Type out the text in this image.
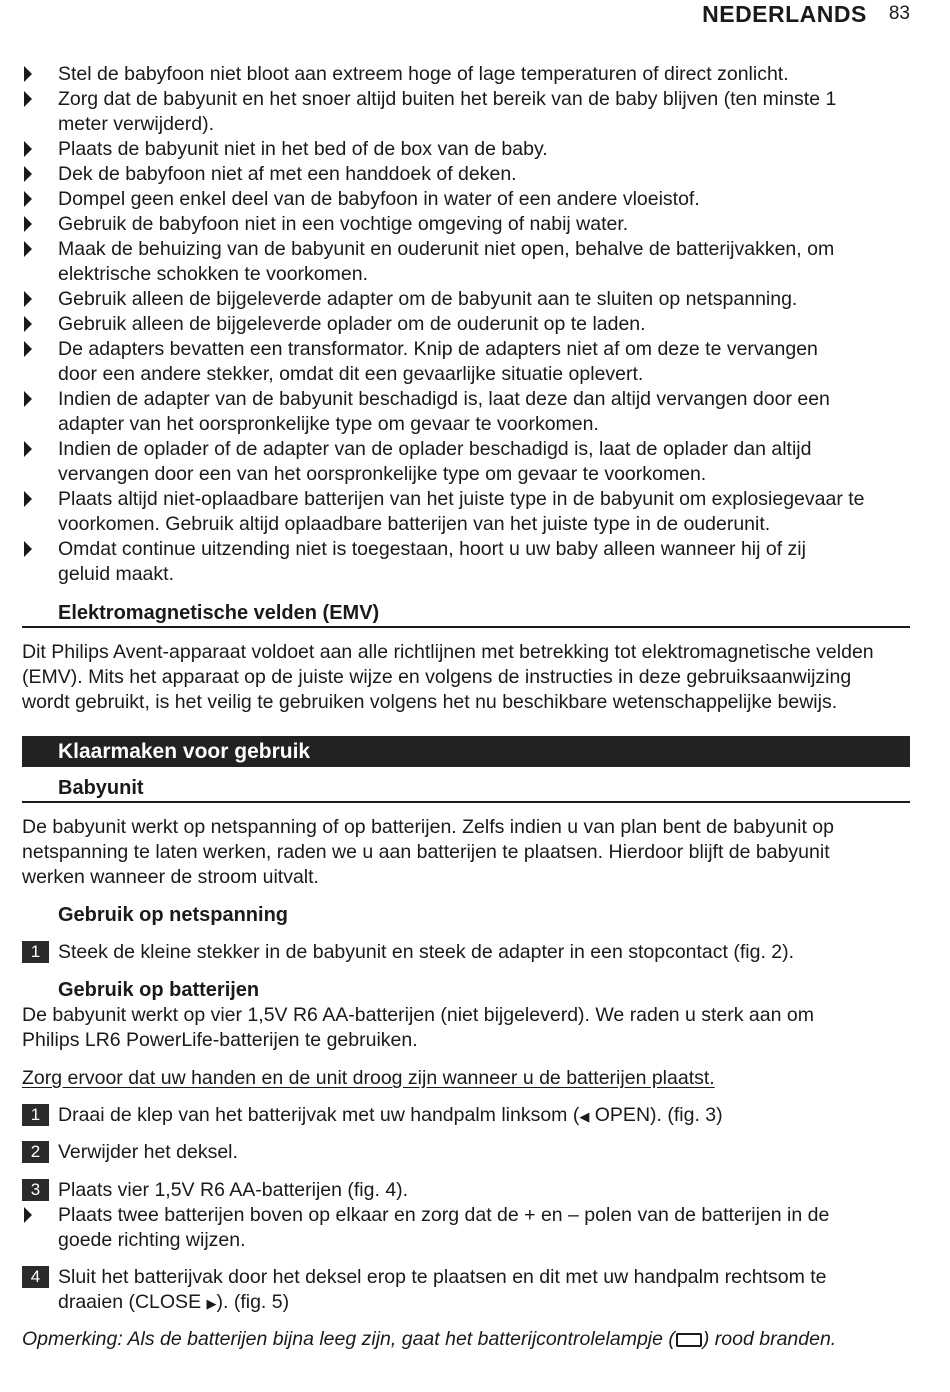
NEDERLANDS 83
Stel de babyfoon niet bloot aan extreem hoge of lage temperaturen of direct zonlicht.
Zorg dat de babyunit en het snoer altijd buiten het bereik van de baby blijven (ten minste 1
meter verwijderd).
Plaats de babyunit niet in het bed of de box van de baby.
Dek de babyfoon niet af met een handdoek of deken.
Dompel geen enkel deel van de babyfoon in water of een andere vloeistof.
Gebruik de babyfoon niet in een vochtige omgeving of nabij water.
Maak de behuizing van de babyunit en ouderunit niet open, behalve de batterijvakken, om
elektrische schokken te voorkomen.
Gebruik alleen de bijgeleverde adapter om de babyunit aan te sluiten op netspanning.
Gebruik alleen de bijgeleverde oplader om de ouderunit op te laden.
De adapters bevatten een transformator. Knip de adapters niet af om deze te vervangen
door een andere stekker, omdat dit een gevaarlijke situatie oplevert.
Indien de adapter van de babyunit beschadigd is, laat deze dan altijd vervangen door een
adapter van het oorspronkelijke type om gevaar te voorkomen.
Indien de oplader of de adapter van de oplader beschadigd is, laat de oplader dan altijd
vervangen door een van het oorspronkelijke type om gevaar te voorkomen.
Plaats altijd niet-oplaadbare batterijen van het juiste type in de babyunit om explosiegevaar te
voorkomen. Gebruik altijd oplaadbare batterijen van het juiste type in de ouderunit.
Omdat continue uitzending niet is toegestaan, hoort u uw baby alleen wanneer hij of zij
geluid maakt.
Elektromagnetische velden (EMV)
Dit Philips Avent-apparaat voldoet aan alle richtlijnen met betrekking tot elektromagnetische velden
(EMV). Mits het apparaat op de juiste wijze en volgens de instructies in deze gebruiksaanwijzing
wordt gebruikt, is het veilig te gebruiken volgens het nu beschikbare wetenschappelijke bewijs.
Klaarmaken voor gebruik
Babyunit
De babyunit werkt op netspanning of op batterijen. Zelfs indien u van plan bent de babyunit op
netspanning te laten werken, raden we u aan batterijen te plaatsen. Hierdoor blijft de babyunit
werken wanneer de stroom uitvalt.
Gebruik op netspanning
1 Steek de kleine stekker in de babyunit en steek de adapter in een stopcontact (fig. 2).
Gebruik op batterijen
De babyunit werkt op vier 1,5V R6 AA-batterijen (niet bijgeleverd). We raden u sterk aan om
Philips LR6 PowerLife-batterijen te gebruiken.
Zorg ervoor dat uw handen en de unit droog zijn wanneer u de batterijen plaatst.
1 Draai de klep van het batterijvak met uw handpalm linksom (◀ OPEN). (fig. 3)
2 Verwijder het deksel.
3 Plaats vier 1,5V R6 AA-batterijen (fig. 4).
Plaats twee batterijen boven op elkaar en zorg dat de + en – polen van de batterijen in de
goede richting wijzen.
4 Sluit het batterijvak door het deksel erop te plaatsen en dit met uw handpalm rechtsom te
draaien (CLOSE ▶). (fig. 5)
Opmerking: Als de batterijen bijna leeg zijn, gaat het batterijcontrolelampje ( ) rood branden.
